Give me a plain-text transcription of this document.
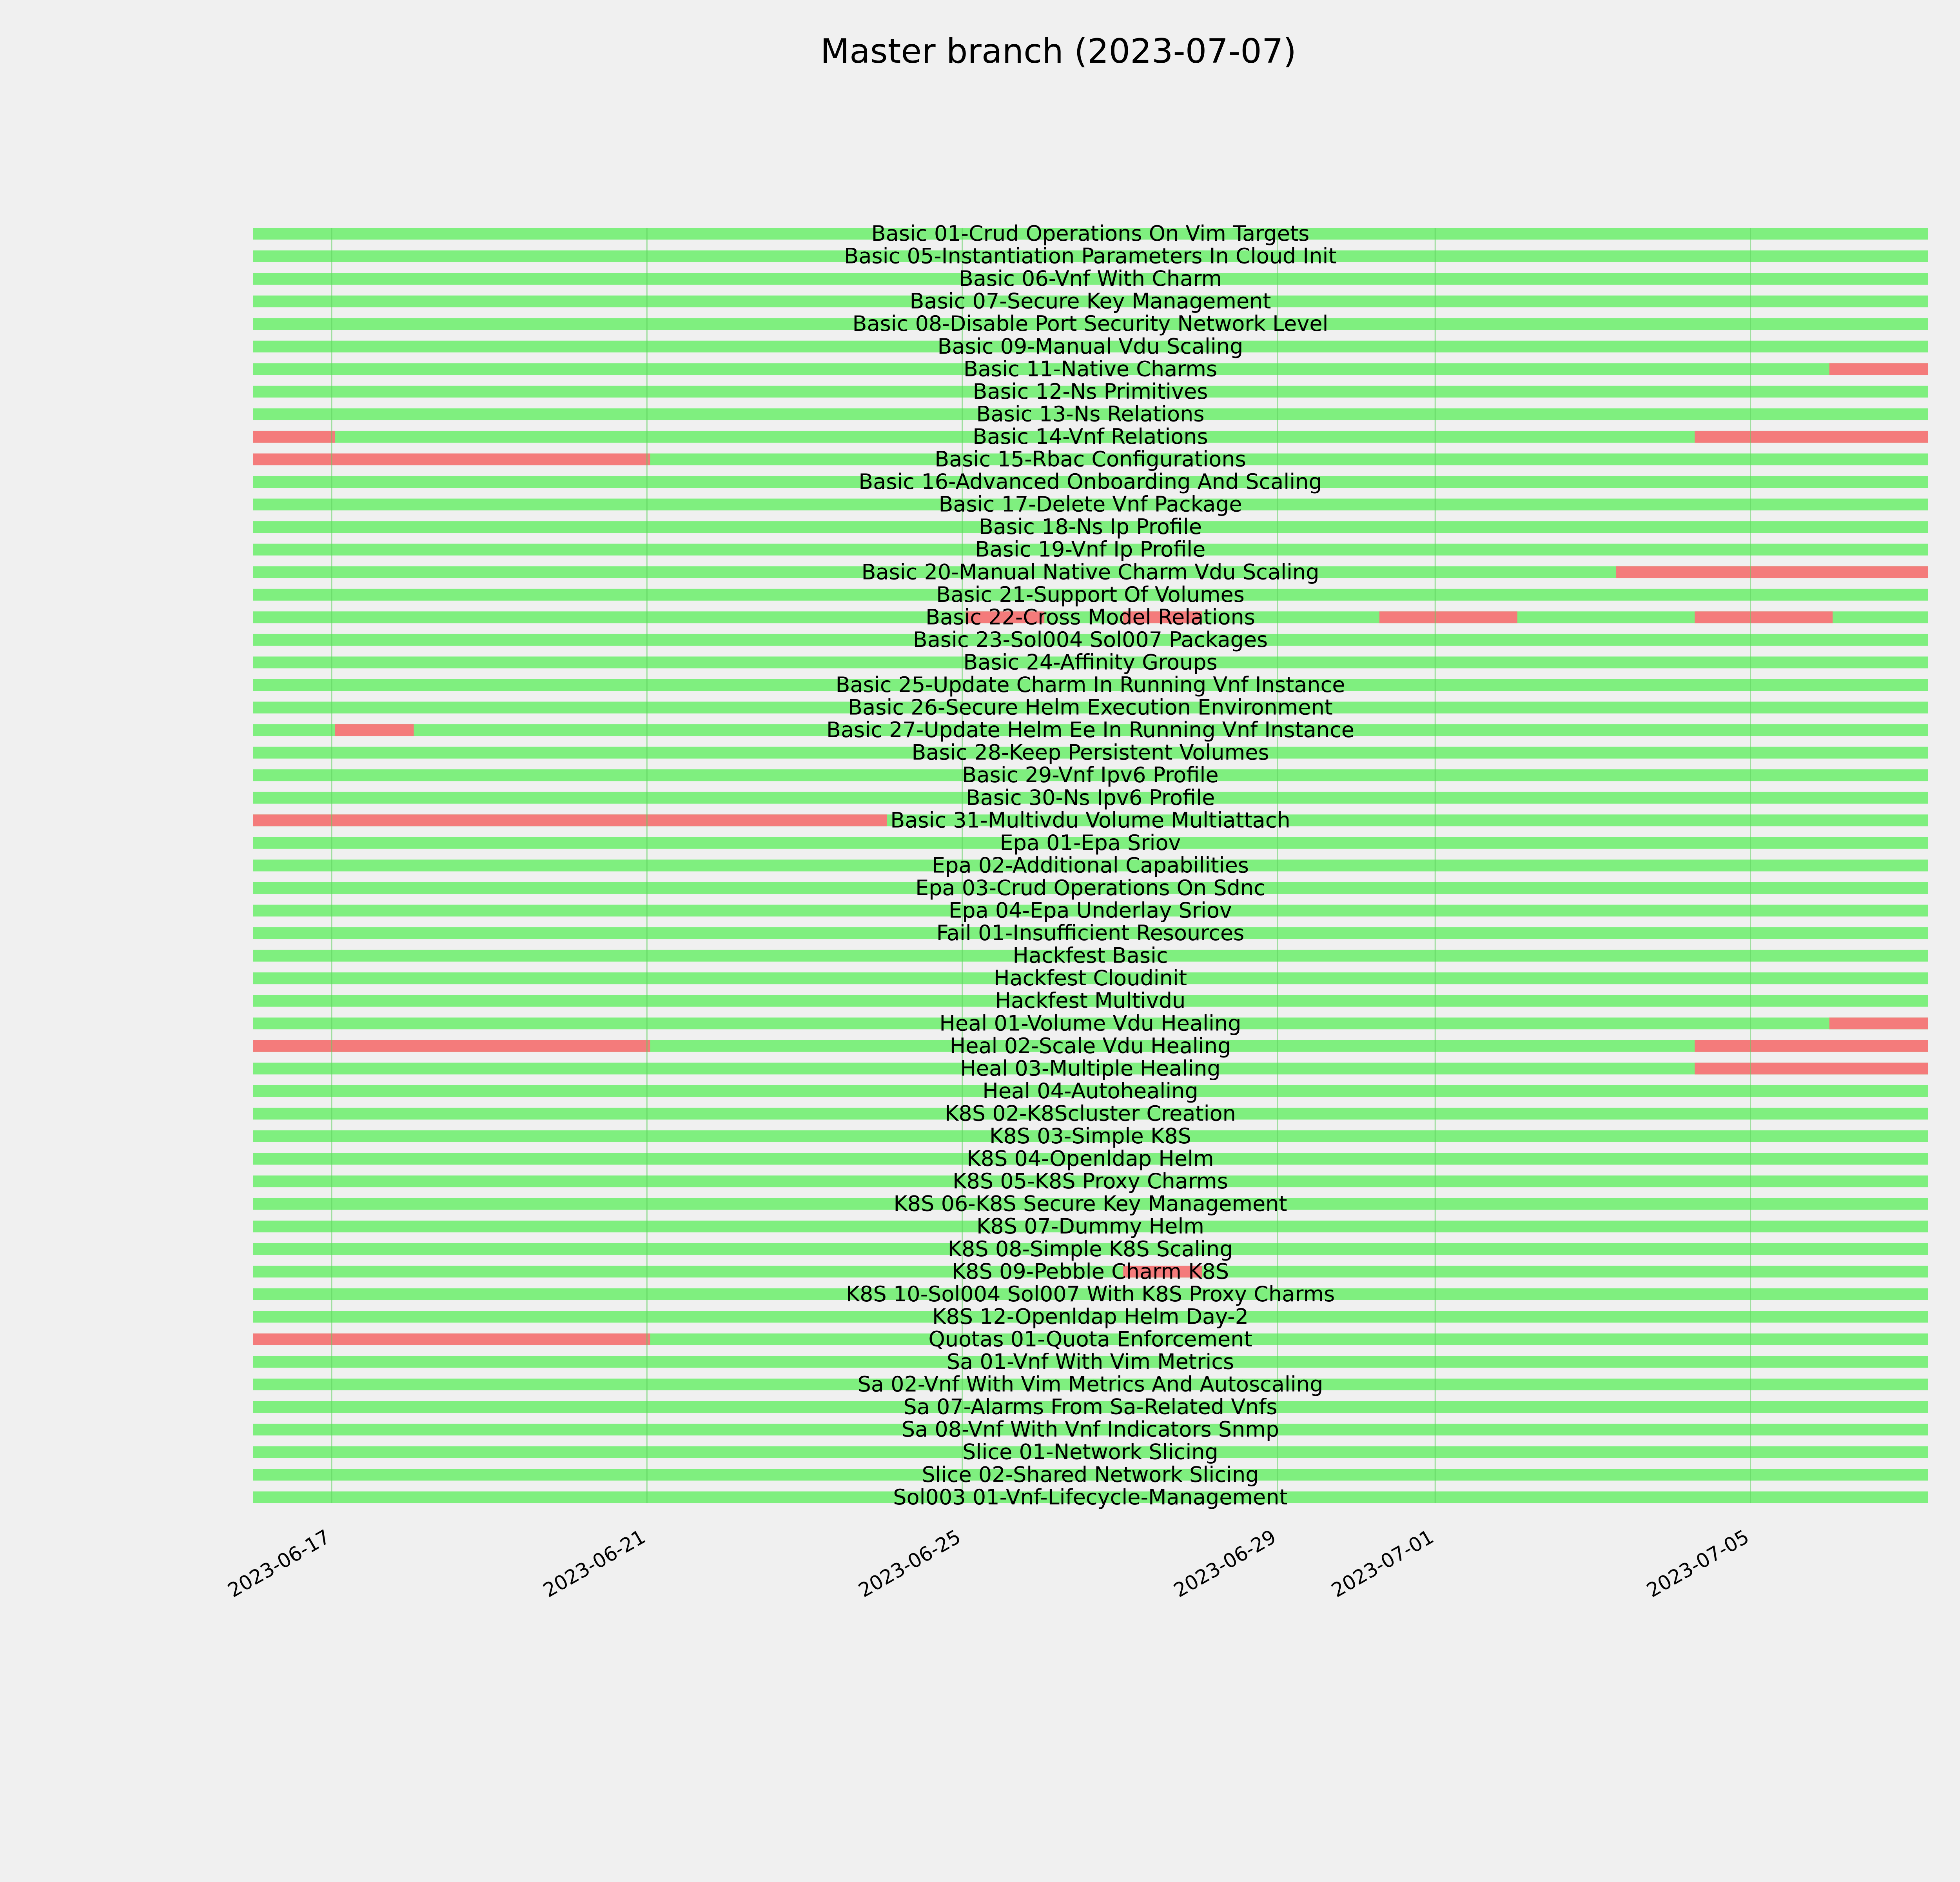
Master branch (2023-07-07)
Basic 01-Crud Operations On Vim Targets
Basic 05-Instantiation Parameters In Cloud Init
Basic 06-Vnf With Charm
Basic 07-Secure Key Management
Basic 08-Disable Port Security Network Level
Basic 09-Manual Vdu Scaling
Basic 11-Native Charms
Basic 12-Ns Primitives
Basic 13-Ns Relations
Basic 14-Vnf Relations
Basic 15-Rbac Configurations
Basic 16-Advanced Onboarding And Scaling
Basic 17-Delete Vnf Package
Basic 18-Ns Ip Profile
Basic 19-Vnf Ip Profile
Basic 20-Manual Native Charm Vdu Scaling
Basic 21-Support Of Volumes
Basic 22-Cross Model Relations
Basic 23-Sol004 Sol007 Packages
Basic 24-Affinity Groups
Basic 25-Update Charm In Running Vnf Instance
Basic 26-Secure Helm Execution Environment
Basic 27-Update Helm Ee In Running Vnf Instance
Basic 28-Keep Persistent Volumes
Basic 29-Vnf Ipv6 Profile
Basic 30-Ns Ipv6 Profile
Basic 31-Multivdu Volume Multiattach
Epa 01-Epa Sriov
Epa 02-Additional Capabilities
Epa 03-Crud Operations On Sdnc
Epa 04-Epa Underlay Sriov
Fail 01-Insufficient Resources
Hackfest Basic
Hackfest Cloudinit
Hackfest Multivdu
Heal 01-Volume Vdu Healing
Heal 02-Scale Vdu Healing
Heal 03-Multiple Healing
Heal 04-Autohealing
K8S 02-K8Scluster Creation
K8S 03-Simple K8S
K8S 04-Openldap Helm
K8S 05-K8S Proxy Charms
K8S 06-K8S Secure Key Management
K8S 07-Dummy Helm
K8S 08-Simple K8S Scaling
K8S 09-Pebble Charm K8S
K8S 10-Sol004 Sol007 With K8S Proxy Charms
K8S 12-Openldap Helm Day-2
Quotas 01-Quota Enforcement
Sa 01-Vnf With Vim Metrics
Sa 02-Vnf With Vim Metrics And Autoscaling
Sa 07-Alarms From Sa-Related Vnfs
Sa 08-Vnf With Vnf Indicators Snmp
Slice 01-Network Slicing
Slice 02-Shared Network Slicing
Sol003 01-Vnf-Lifecycle-Management
2023-06-17	2023-06-21	2023-06-25	2023-06-29 2023-07-01	2023-07-05
